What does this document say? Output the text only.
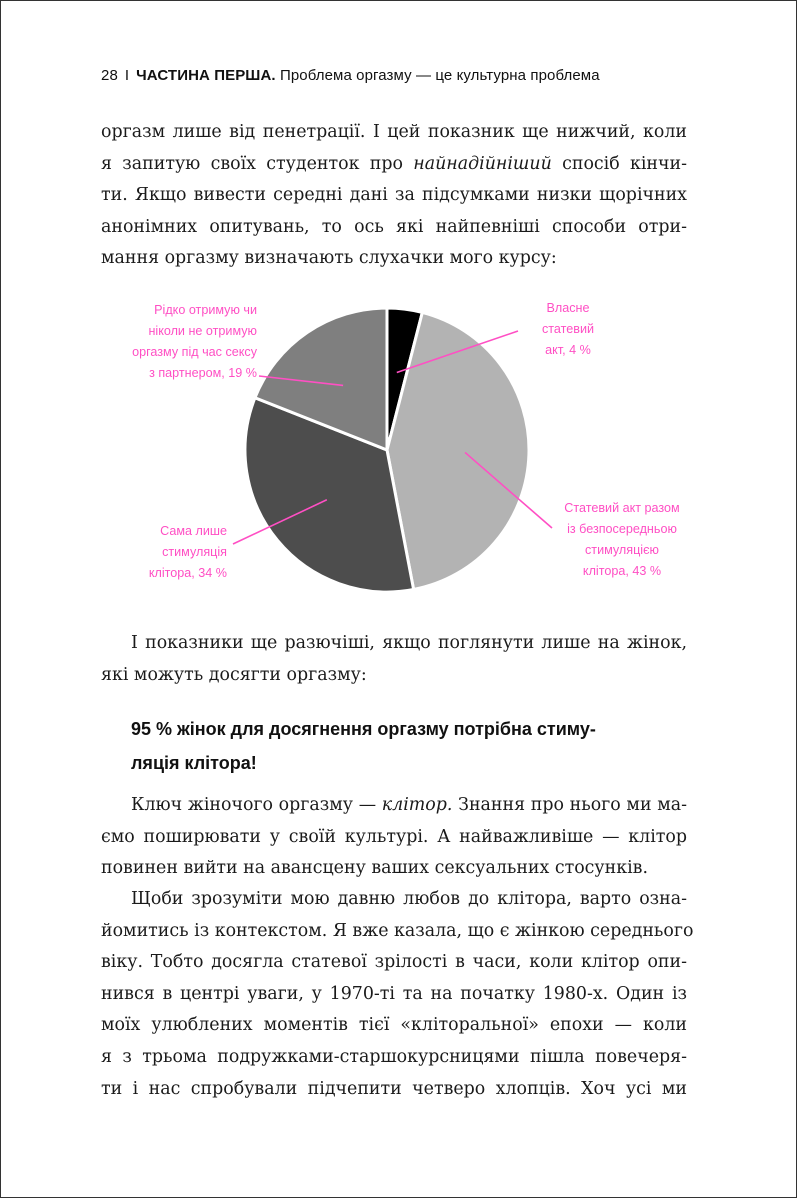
28 I ЧАСТИНА ПЕРША. Проблема оргазму — це культурна проблема
оргазм лише від пенетрації. І цей показник ще нижчий, коли
я запитую своїх студенток про найнадійніший спосіб кінчи-
ти. Якщо вивести середні дані за підсумками низки щорічних
анонімних опитувань, то ось які найпевніші способи отри-
мання оргазму визначають слухачки мого курсу:
Власне
статевий
акт, 4 %
Статевий акт разом
із безпосередньою
стимуляцією
клітора, 43 %
Сама лише
стимуляція
клітора, 34 %
Рідко отримую чи
ніколи не отримую
оргазму під час сексу
з партнером, 19 %
І показники ще разючіші, якщо поглянути лише на жінок,
які можуть досягти оргазму:
95 % жінок для досягнення оргазму потрібна стиму-
ляція клітора!
Ключ жіночого оргазму — клітор. Знання про нього ми ма-
ємо поширювати у своїй культурі. А найважливіше — клітор
повинен вийти на авансцену ваших сексуальних стосунків.
Щоби зрозуміти мою давню любов до клітора, варто озна-
йомитись із контекстом. Я вже казала, що є жінкою середнього
віку. Тобто досягла статевої зрілості в часи, коли клітор опи-
нився в центрі уваги, у 1970-ті та на початку 1980-х. Один із
моїх улюблених моментів тієї «кліторальної» епохи — коли
я з трьома подружками-старшокурсницями пішла повечеря-
ти і нас спробували підчепити четверо хлопців. Хоч усі ми
